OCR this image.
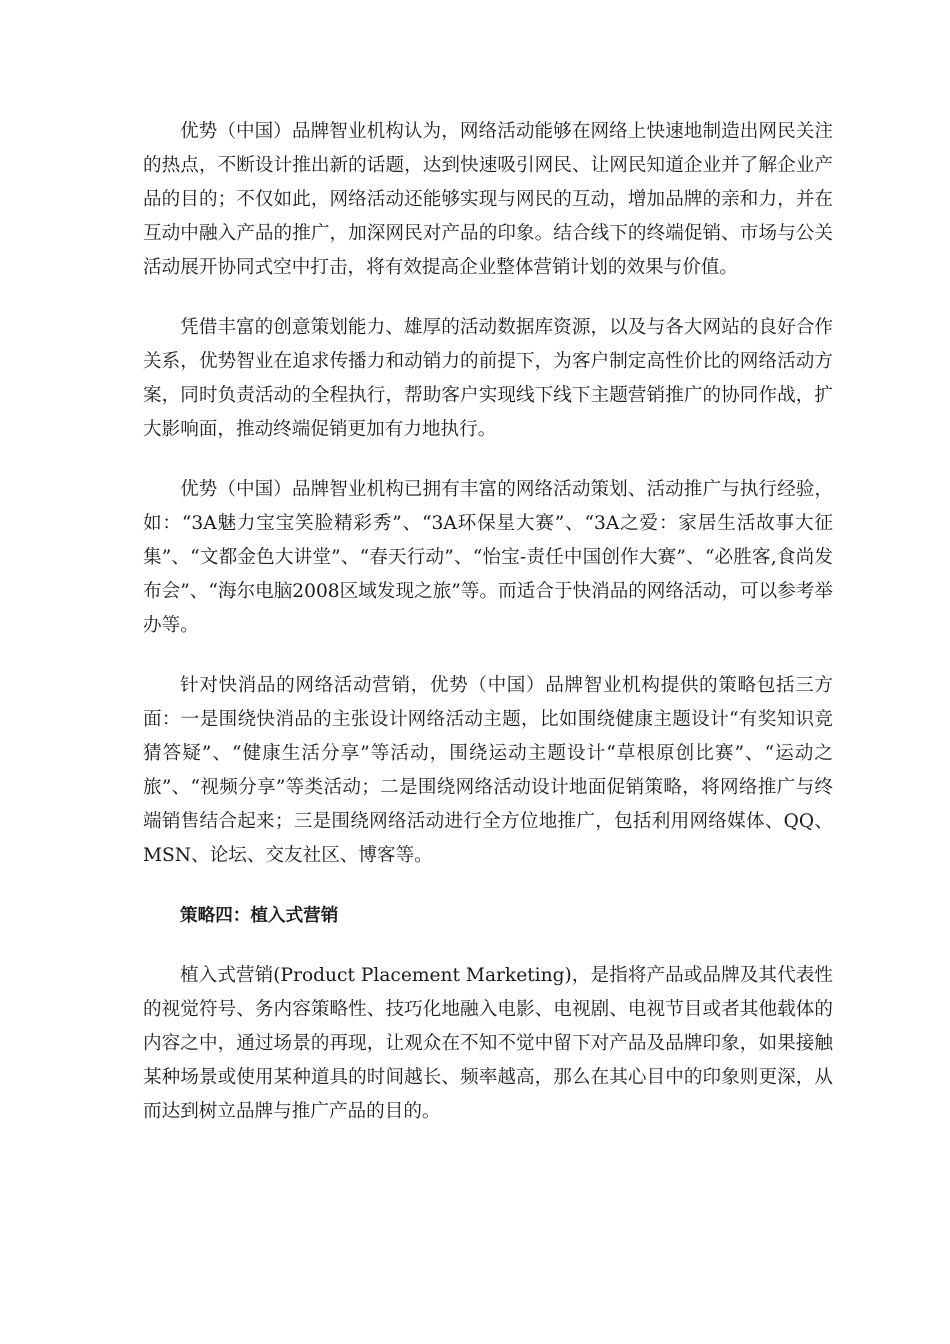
优势（中国）品牌智业机构认为，网络活动能够在网络上快速地制造出网民关注的热点，不断设计推出新的话题，达到快速吸引网民、让网民知道企业并了解企业产品的目的；不仅如此，网络活动还能够实现与网民的互动，增加品牌的亲和力，并在互动中融入产品的推广，加深网民对产品的印象。结合线下的终端促销、市场与公关活动展开协同式空中打击，将有效提高企业整体营销计划的效果与价值。

凭借丰富的创意策划能力、雄厚的活动数据库资源，以及与各大网站的良好合作关系，优势智业在追求传播力和动销力的前提下，为客户制定高性价比的网络活动方案，同时负责活动的全程执行，帮助客户实现线下线下主题营销推广的协同作战，扩大影响面，推动终端促销更加有力地执行。

优势（中国）品牌智业机构已拥有丰富的网络活动策划、活动推广与执行经验，如：“3A魅力宝宝笑脸精彩秀”、“3A环保星大赛”、“3A之爱：家居生活故事大征集”、“文都金色大讲堂”、“春天行动”、“怡宝-责任中国创作大赛”、“必胜客,食尚发布会”、“海尔电脑2008区域发现之旅”等。而适合于快消品的网络活动，可以参考举办等。

针对快消品的网络活动营销，优势（中国）品牌智业机构提供的策略包括三方面：一是围绕快消品的主张设计网络活动主题，比如围绕健康主题设计“有奖知识竞猜答疑”、“健康生活分享”等活动，围绕运动主题设计“草根原创比赛”、“运动之旅”、“视频分享”等类活动；二是围绕网络活动设计地面促销策略，将网络推广与终端销售结合起来；三是围绕网络活动进行全方位地推广，包括利用网络媒体、QQ、MSN、论坛、交友社区、博客等。

策略四：植入式营销

植入式营销(Product Placement Marketing)，是指将产品或品牌及其代表性的视觉符号、务内容策略性、技巧化地融入电影、电视剧、电视节目或者其他载体的内容之中，通过场景的再现，让观众在不知不觉中留下对产品及品牌印象，如果接触某种场景或使用某种道具的时间越长、频率越高，那么在其心目中的印象则更深，从而达到树立品牌与推广产品的目的。
